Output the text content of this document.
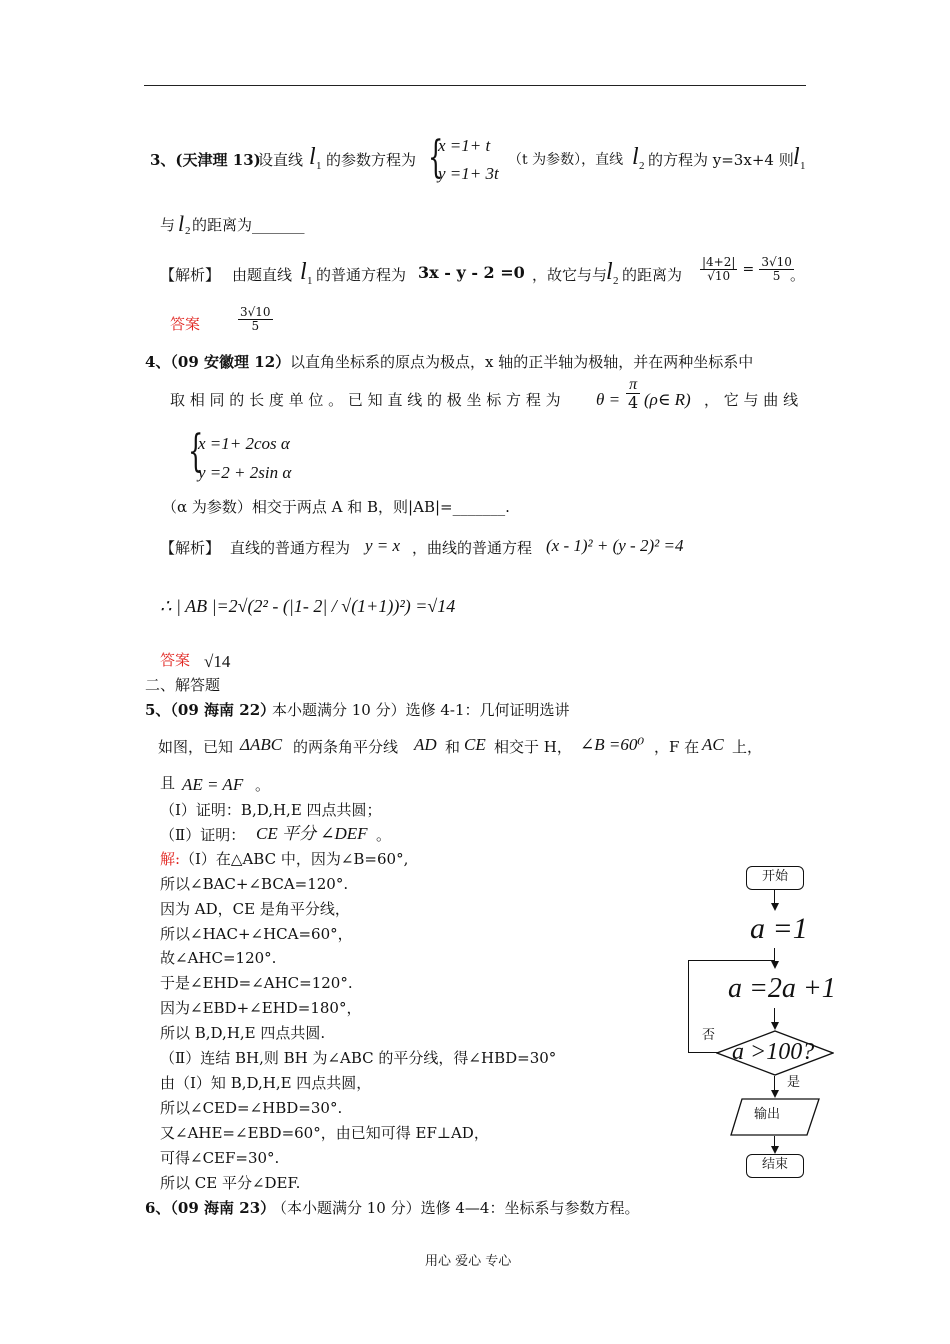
3、(天津理 13)
设直线 l 1 的参数方程为 {
x =1+ t
y =1+ 3t
（t 为参数），直线 l 2 的方程为 y=3x+4 则 l 1
与 l 2 的距离为_______
【解析】 由题直线 l 1 的普通方程为 3x - y - 2 =0 ，故它与与
l 2 的距离为 $\frac{|4+2|}{√10} = \frac{3√10}{5}$
。
答案	$\frac{3√10}{5}$
4、（09 安徽理 12） 以直角坐标系的原点为极点，x 轴的正半轴为极轴，并在两种坐标系中
取 相 同 的 长 度 单 位 。 已 知 直 线 的 极 坐 标 方 程 为 $\theta = \frac{\pi}{4}$ (ρ∈ R) ， 它 与 曲 线
{
x =1+ 2cos α
y =2 + 2sin α
（α 为参数）相交于两点 A 和 B，则|AB|=_______.
【解析】 直线的普通方程为 y = x ，曲线的普通方程 (x - 1)² + (y - 2)² =4
∴ | AB |=2√(2² - (|1- 2| / √(1+1))²) =√14
答案 √14
二、解答题
5、（09 海南 22）
本小题满分 10 分）选修 4-1：几何证明选讲
如图，已知 ΔABC 的两条角平分线 AD 和 CE 相交于 H， ∠B =60⁰ ，F 在 AC 上，
且 AE = AF 。
（Ⅰ）证明：B,D,H,E 四点共圆；
（Ⅱ）证明： CE 平分 ∠DEF 。
解: （Ⅰ）在△ABC 中，因为∠B=60°,
所以∠BAC+∠BCA=120°.
因为 AD，CE 是角平分线，
所以∠HAC+∠HCA=60°，
故∠AHC=120°.
于是∠EHD=∠AHC=120°.
因为∠EBD+∠EHD=180°，
所以 B,D,H,E 四点共圆.
（Ⅱ）连结 BH,则 BH 为∠ABC 的平分线，得∠HBD=30°
由（Ⅰ）知 B,D,H,E 四点共圆，
所以∠CED=∠HBD=30°.
又∠AHE=∠EBD=60°，由已知可得 EF⊥AD，
可得∠CEF=30°.
所以 CE 平分∠DEF.
6、（09 海南 23）
（本小题满分 10 分）选修 4—4：坐标系与参数方程。
开始
a =1
a =2a +1
a >100?
否
是
输出
结束
用心 爱心 专心
